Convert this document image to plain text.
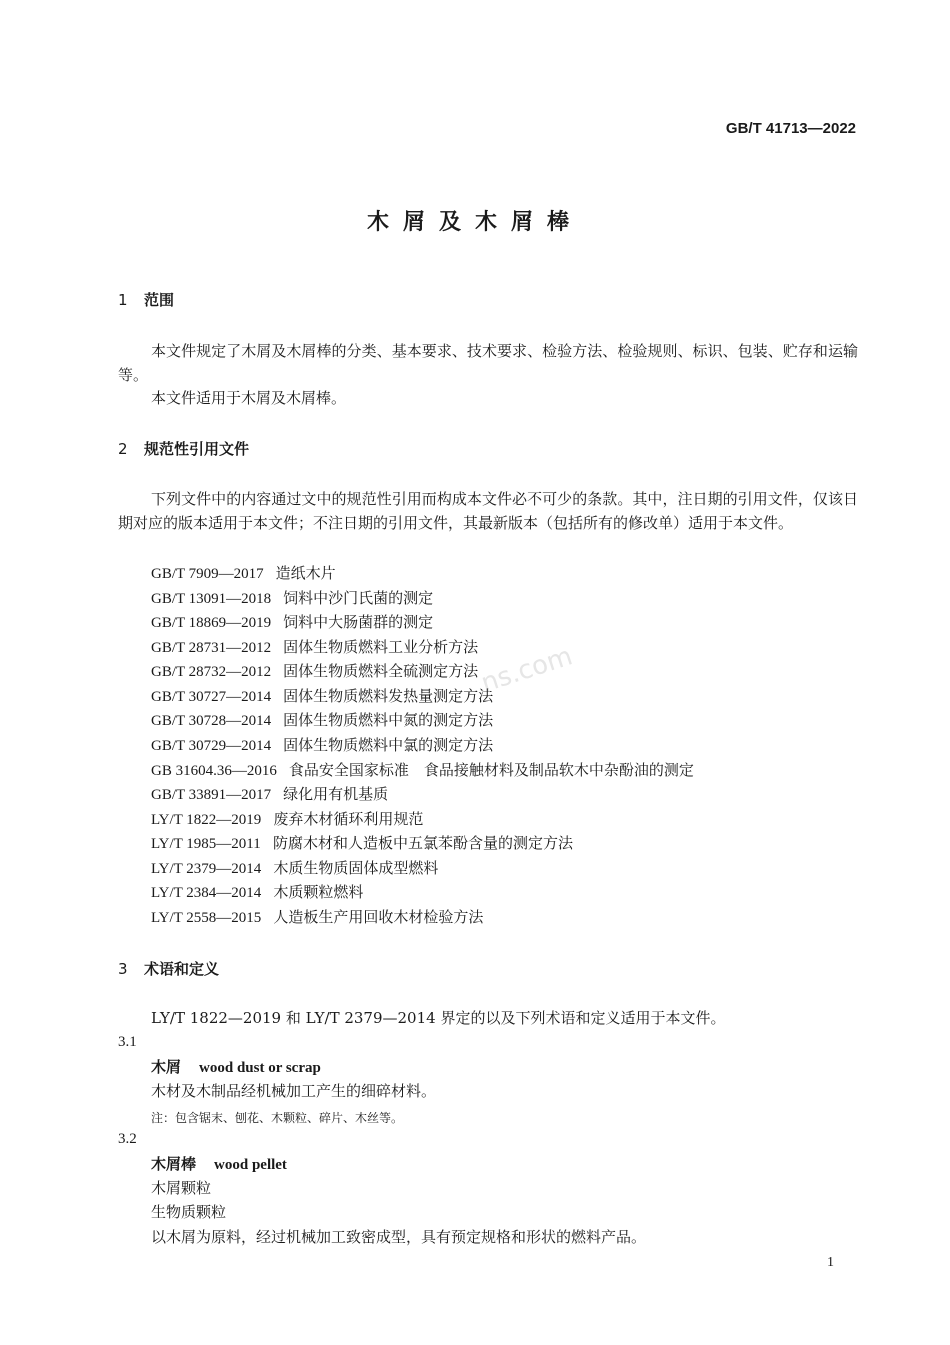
GB/T 41713—2022
木屑及木屑棒
ns.com
1 范围
本文件规定了木屑及木屑棒的分类、基本要求、技术要求、检验方法、检验规则、标识、包装、贮存和运输等。
本文件适用于木屑及木屑棒。
2 规范性引用文件
下列文件中的内容通过文中的规范性引用而构成本文件必不可少的条款。其中，注日期的引用文件，仅该日期对应的版本适用于本文件；不注日期的引用文件，其最新版本（包括所有的修改单）适用于本文件。
GB/T 7909—2017 造纸木片
GB/T 13091—2018 饲料中沙门氏菌的测定
GB/T 18869—2019 饲料中大肠菌群的测定
GB/T 28731—2012 固体生物质燃料工业分析方法
GB/T 28732—2012 固体生物质燃料全硫测定方法
GB/T 30727—2014 固体生物质燃料发热量测定方法
GB/T 30728—2014 固体生物质燃料中氮的测定方法
GB/T 30729—2014 固体生物质燃料中氯的测定方法
GB 31604.36—2016 食品安全国家标准　食品接触材料及制品软木中杂酚油的测定
GB/T 33891—2017 绿化用有机基质
LY/T 1822—2019 废弃木材循环利用规范
LY/T 1985—2011 防腐木材和人造板中五氯苯酚含量的测定方法
LY/T 2379—2014 木质生物质固体成型燃料
LY/T 2384—2014 木质颗粒燃料
LY/T 2558—2015 人造板生产用回收木材检验方法
3 术语和定义
LY/T 1822—2019 和 LY/T 2379—2014 界定的以及下列术语和定义适用于本文件。
3.1
木屑 wood dust or scrap
木材及木制品经机械加工产生的细碎材料。
注：包含锯末、刨花、木颗粒、碎片、木丝等。
3.2
木屑棒 wood pellet
木屑颗粒
生物质颗粒
以木屑为原料，经过机械加工致密成型，具有预定规格和形状的燃料产品。
1
